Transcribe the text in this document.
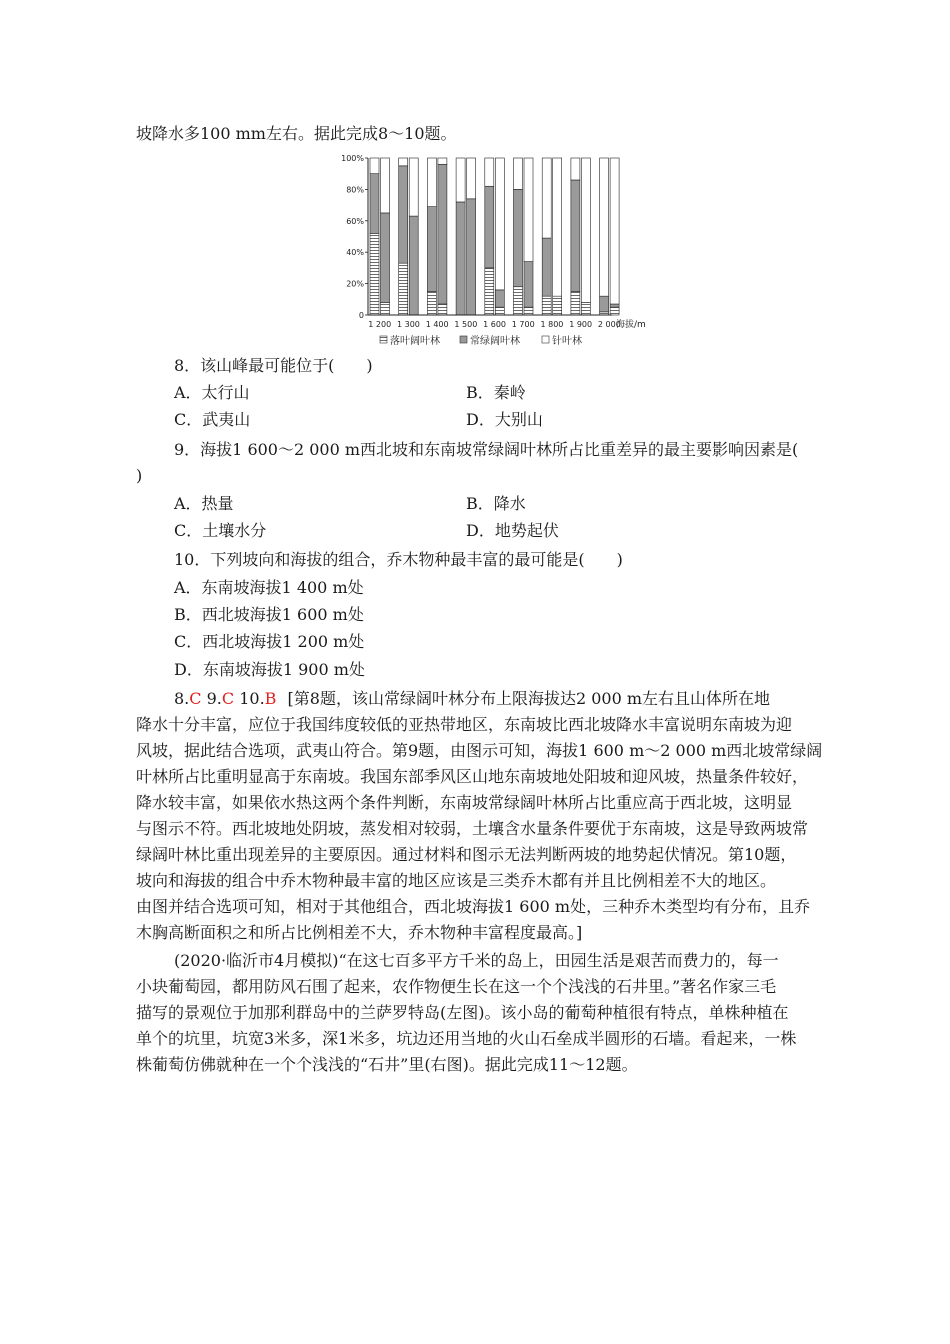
坡降水多100 mm左右。据此完成8～10题。
0
20%
40%
60%
80%
100%
1 200 1 300 1 400 1 500 1 600 1 700 1 800 1 900 2 000
海拔/m
落叶阔叶林	常绿阔叶林	针叶林
8．该山峰最可能位于(　　)
A．太行山	B．秦岭
C．武夷山	D．大别山
9．海拔1 600～2 000 m西北坡和东南坡常绿阔叶林所占比重差异的最主要影响因素是(
)
A．热量	B．降水
C．土壤水分	D．地势起伏
10．下列坡向和海拔的组合，乔木物种最丰富的最可能是(　　)
A．东南坡海拔1 400 m处
B．西北坡海拔1 600 m处
C．西北坡海拔1 200 m处
D．东南坡海拔1 900 m处
8.C 9.C 10.B [第8题，该山常绿阔叶林分布上限海拔达2 000 m左右且山体所在地
降水十分丰富，应位于我国纬度较低的亚热带地区，东南坡比西北坡降水丰富说明东南坡为迎
风坡，据此结合选项，武夷山符合。第9题，由图示可知，海拔1 600 m～2 000 m西北坡常绿阔
叶林所占比重明显高于东南坡。我国东部季风区山地东南坡地处阳坡和迎风坡，热量条件较好，
降水较丰富，如果依水热这两个条件判断，东南坡常绿阔叶林所占比重应高于西北坡，这明显
与图示不符。西北坡地处阴坡，蒸发相对较弱，土壤含水量条件要优于东南坡，这是导致两坡常
绿阔叶林比重出现差异的主要原因。通过材料和图示无法判断两坡的地势起伏情况。第10题，
坡向和海拔的组合中乔木物种最丰富的地区应该是三类乔木都有并且比例相差不大的地区。
由图并结合选项可知，相对于其他组合，西北坡海拔1 600 m处，三种乔木类型均有分布，且乔
木胸高断面积之和所占比例相差不大，乔木物种丰富程度最高。]
(2020·临沂市4月模拟)“在这七百多平方千米的岛上，田园生活是艰苦而费力的，每一
小块葡萄园，都用防风石围了起来，农作物便生长在这一个个浅浅的石井里。”著名作家三毛
描写的景观位于加那利群岛中的兰萨罗特岛(左图)。该小岛的葡萄种植很有特点，单株种植在
单个的坑里，坑宽3米多，深1米多，坑边还用当地的火山石垒成半圆形的石墙。看起来，一株
株葡萄仿佛就种在一个个浅浅的“石井”里(右图)。据此完成11～12题。
